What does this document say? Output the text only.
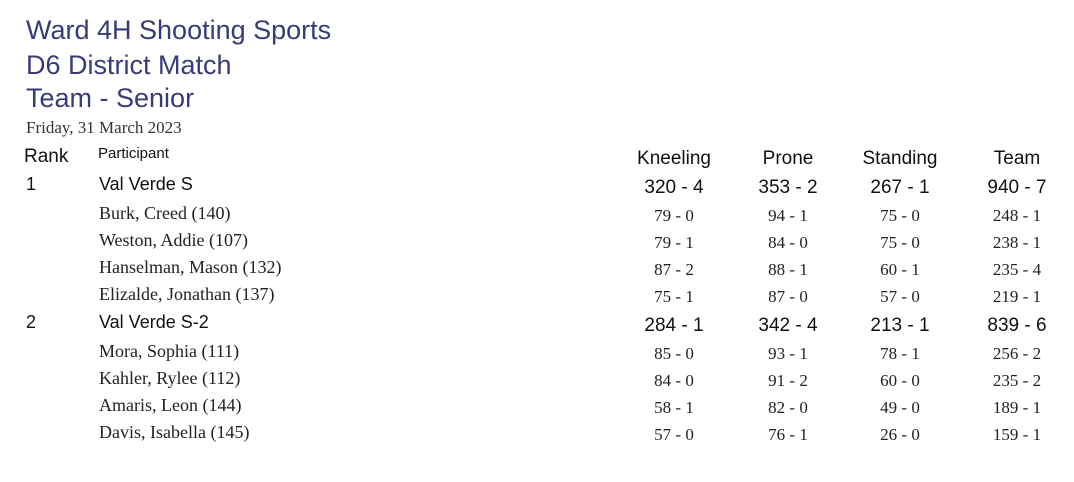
Ward 4H Shooting Sports
D6 District Match
Team - Senior
Friday, 31 March 2023
Rank Participant	Kneeling	Prone	Standing	Team
1	Val Verde S	320 - 4	353 - 2	267 - 1	940 - 7
Burk, Creed (140)	79 - 0	94 - 1	75 - 0	248 - 1
Weston, Addie (107)	79 - 1	84 - 0	75 - 0	238 - 1
Hanselman, Mason (132)	87 - 2	88 - 1	60 - 1	235 - 4
Elizalde, Jonathan (137)	75 - 1	87 - 0	57 - 0	219 - 1
2	Val Verde S-2	284 - 1	342 - 4	213 - 1	839 - 6
Mora, Sophia (111)	85 - 0	93 - 1	78 - 1	256 - 2
Kahler, Rylee (112)	84 - 0	91 - 2	60 - 0	235 - 2
Amaris, Leon (144)	58 - 1	82 - 0	49 - 0	189 - 1
Davis, Isabella (145)	57 - 0	76 - 1	26 - 0	159 - 1
